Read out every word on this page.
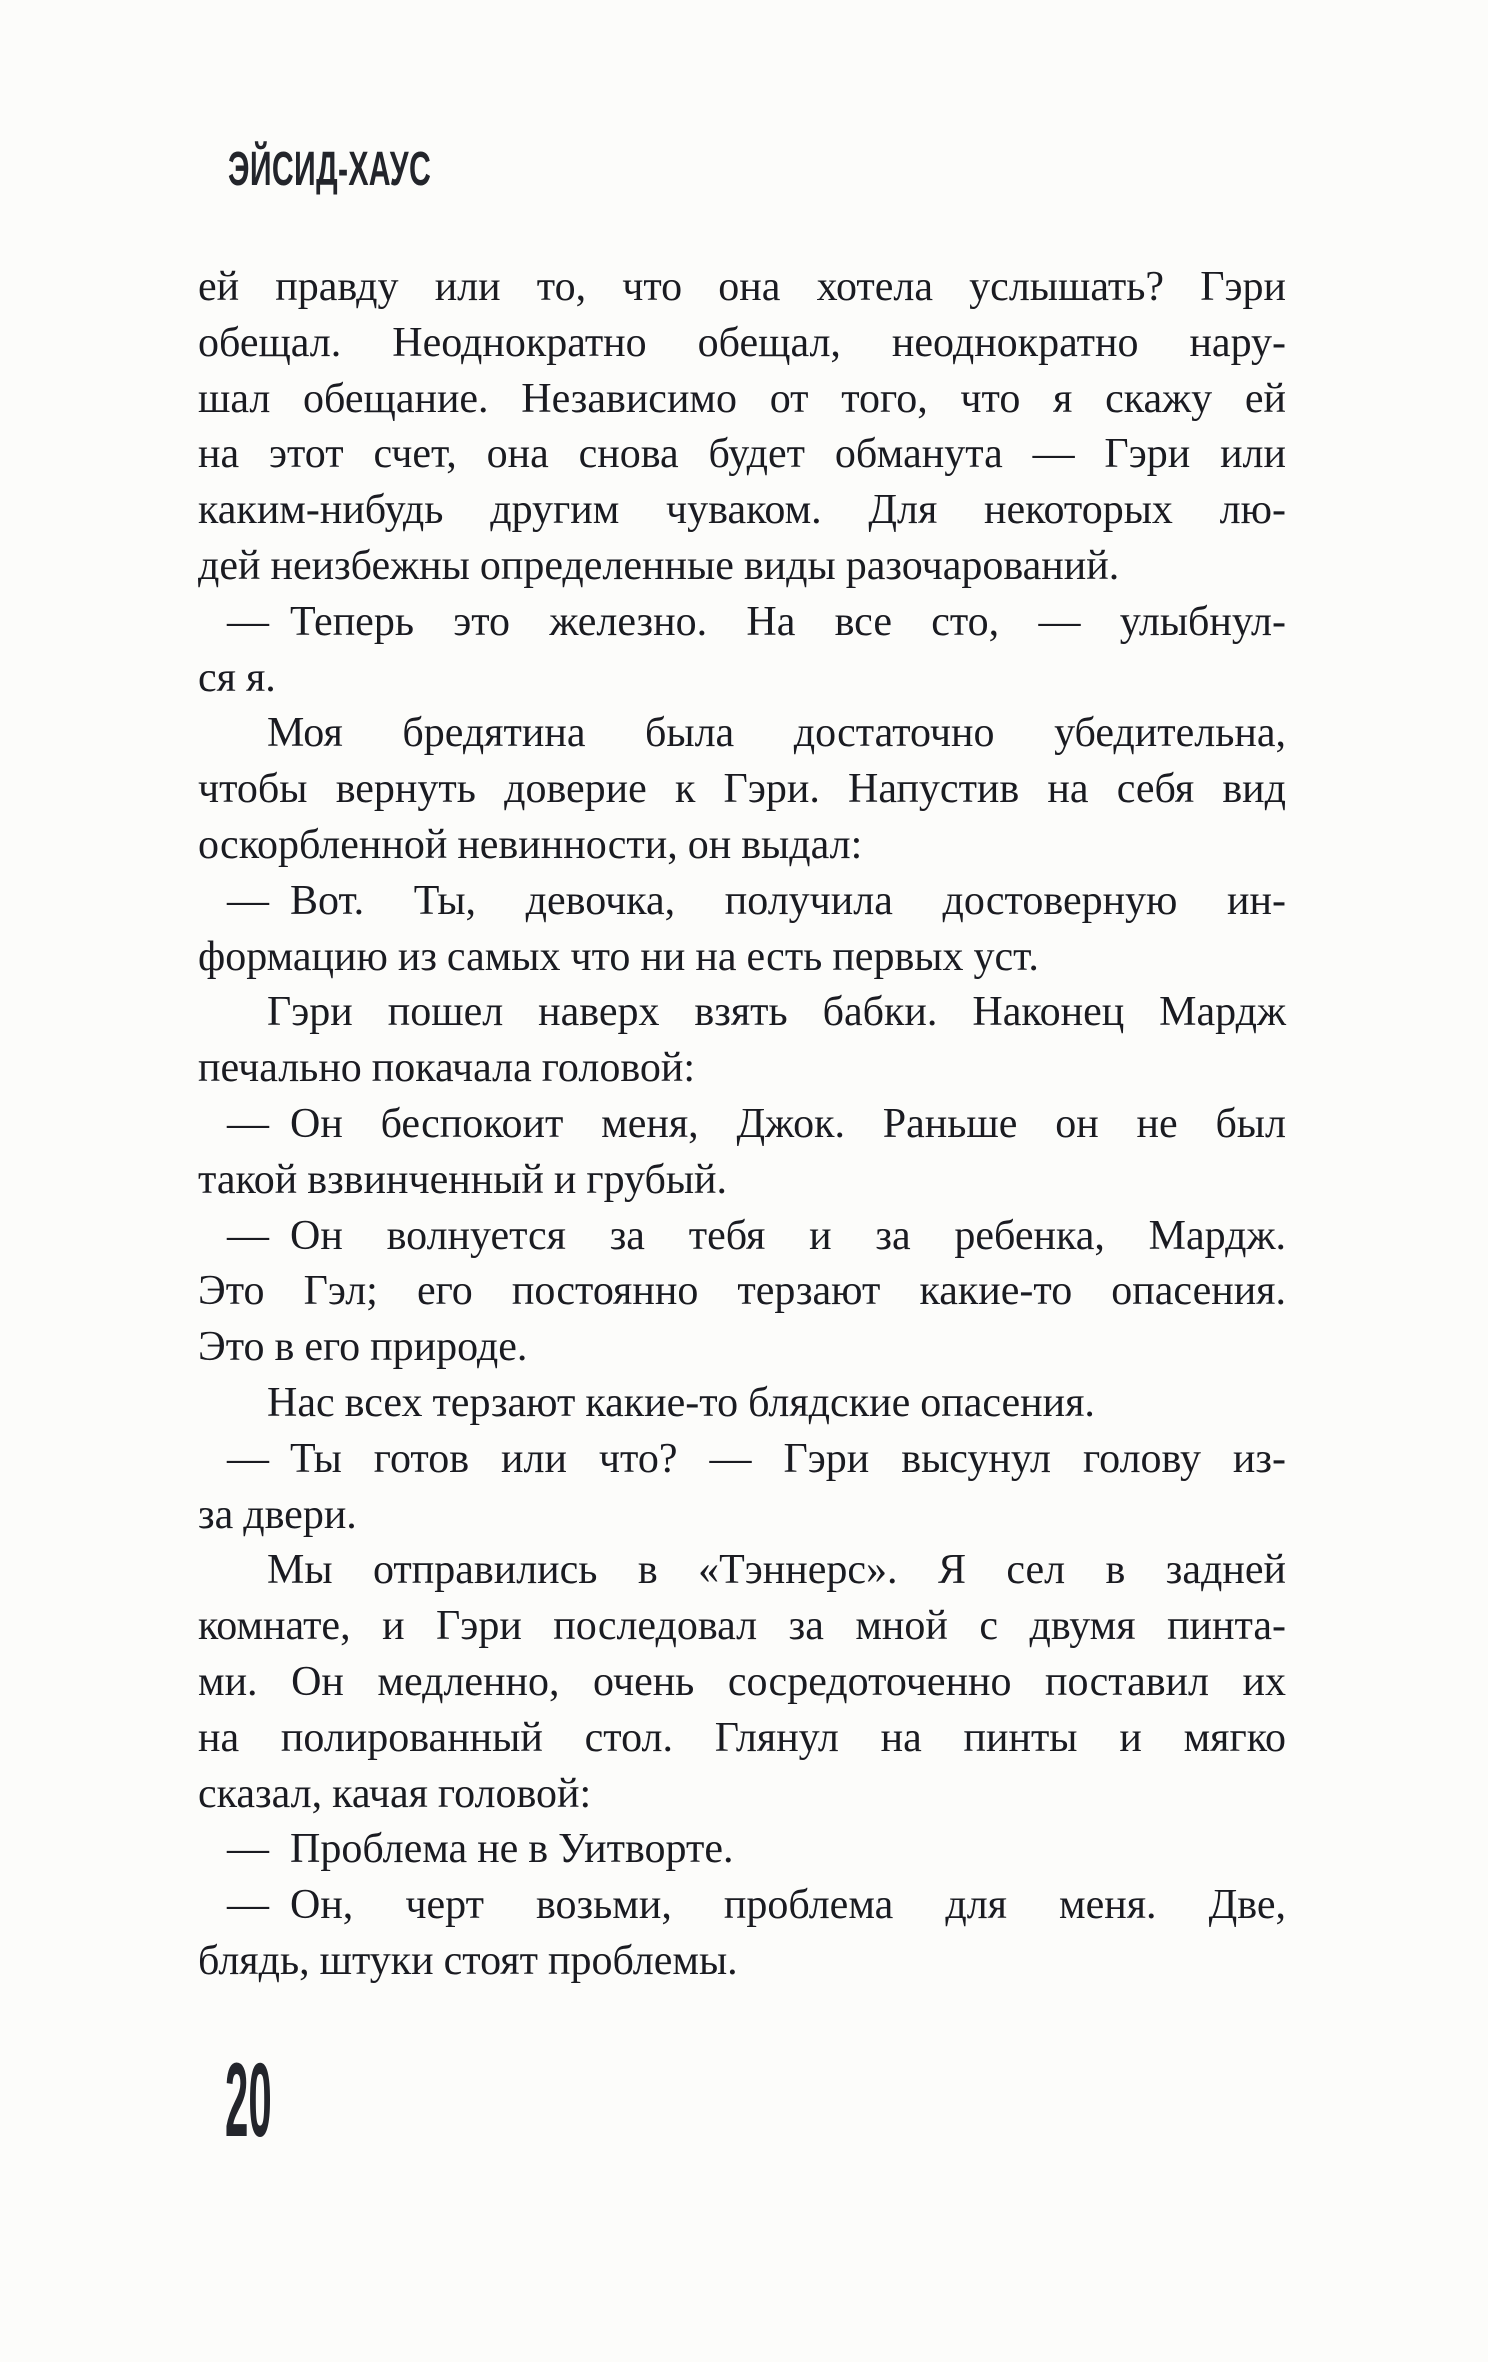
ЭЙСИД-ХАУС
ей правду или то, что она хотела услышать? Гэри
обещал. Неоднократно обещал, неоднократно нару-
шал обещание. Независимо от того, что я скажу ей
на этот счет, она снова будет обманута — Гэри или
каким-нибудь другим чуваком. Для некоторых лю-
дей неизбежны определенные виды разочарований.
— Теперь это железно. На все сто, — улыбнул-
ся я.
Моя бредятина была достаточно убедительна,
чтобы вернуть доверие к Гэри. Напустив на себя вид
оскорбленной невинности, он выдал:
— Вот. Ты, девочка, получила достоверную ин-
формацию из самых что ни на есть первых уст.
Гэри пошел наверх взять бабки. Наконец Мардж
печально покачала головой:
— Он беспокоит меня, Джок. Раньше он не был
такой взвинченный и грубый.
— Он волнуется за тебя и за ребенка, Мардж.
Это Гэл; его постоянно терзают какие-то опасения.
Это в его природе.
Нас всех терзают какие-то блядские опасения.
— Ты готов или что? — Гэри высунул голову из-
за двери.
Мы отправились в «Тэннерс». Я сел в задней
комнате, и Гэри последовал за мной с двумя пинта-
ми. Он медленно, очень сосредоточенно поставил их
на полированный стол. Глянул на пинты и мягко
сказал, качая головой:
— Проблема не в Уитворте.
— Он, черт возьми, проблема для меня. Две,
блядь, штуки стоят проблемы.
20
